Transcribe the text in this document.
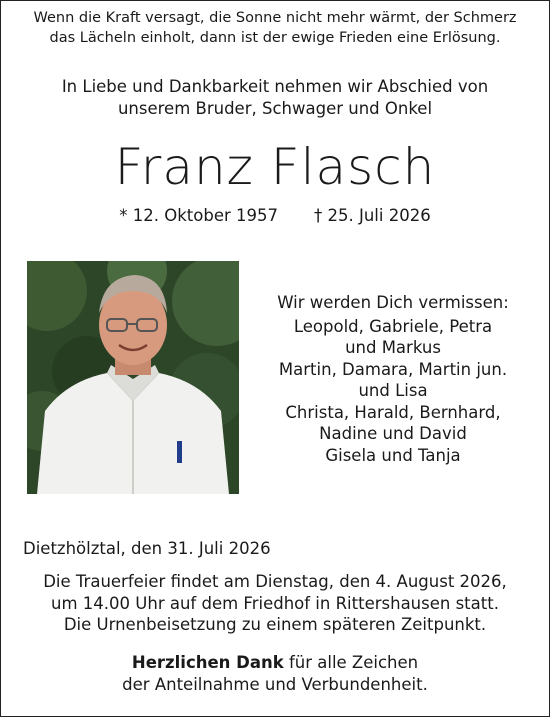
Wenn die Kraft versagt, die Sonne nicht mehr wärmt, der Schmerz
das Lächeln einholt, dann ist der ewige Frieden eine Erlösung.
In Liebe und Dankbarkeit nehmen wir Abschied von
unserem Bruder, Schwager und Onkel
Franz Flasch
* 12. Oktober 1957 † 25. Juli 2026
Wir werden Dich vermissen:
Leopold, Gabriele, Petra
und Markus
Martin, Damara, Martin jun.
und Lisa
Christa, Harald, Bernhard,
Nadine und David
Gisela und Tanja
Dietzhölztal, den 31. Juli 2026
Die Trauerfeier findet am Dienstag, den 4. August 2026,
um 14.00 Uhr auf dem Friedhof in Rittershausen statt.
Die Urnenbeisetzung zu einem späteren Zeitpunkt.
Herzlichen Dank für alle Zeichen
der Anteilnahme und Verbundenheit.
